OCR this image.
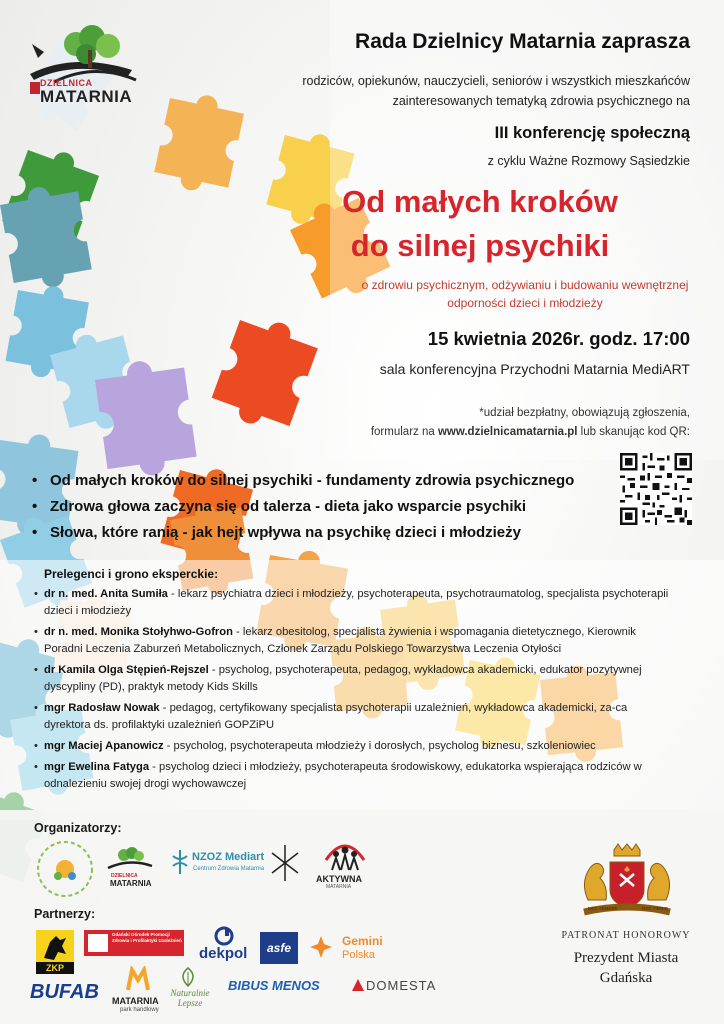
DZIELNICA
MATARNIA
Rada Dzielnicy Matarnia zaprasza
rodziców, opiekunów, nauczycieli, seniorów i wszystkich mieszkańców zainteresowanych tematyką zdrowia psychicznego na
III konferencję społeczną
z cyklu Ważne Rozmowy Sąsiedzkie
Od małych kroków
do silnej psychiki
o zdrowiu psychicznym, odżywianiu i budowaniu wewnętrznej odporności dzieci i młodzieży
15 kwietnia 2026r. godz. 17:00
sala konferencyjna Przychodni Matarnia MediART
*udział bezpłatny, obowiązują zgłoszenia,
formularz na www.dzielnicamatarnia.pl lub skanując kod QR:
• Od małych kroków do silnej psychiki - fundamenty zdrowia psychicznego
• Zdrowa głowa zaczyna się od talerza - dieta jako wsparcie psychiki
• Słowa, które ranią - jak hejt wpływa na psychikę dzieci i młodzieży
Prelegenci i grono eksperckie:
• dr n. med. Anita Sumiła - lekarz psychiatra dzieci i młodzieży, psychoterapeuta, psychotraumatolog, specjalista psychoterapii dzieci i młodzieży
• dr n. med. Monika Stołyhwo-Gofron - lekarz obesitolog, specjalista żywienia i wspomagania dietetycznego, Kierownik Poradni Leczenia Zaburzeń Metabolicznych, Członek Zarządu Polskiego Towarzystwa Leczenia Otyłości
• dr Kamila Olga Stępień-Rejszel - psycholog, psychoterapeuta, pedagog, wykładowca akademicki, edukator pozytywnej dyscypliny (PD), praktyk metody Kids Skills
• mgr Radosław Nowak - pedagog, certyfikowany specjalista psychoterapii uzależnień, wykładowca akademicki, za-ca dyrektora ds. profilaktyki uzależnień GOPZiPU
• mgr Maciej Apanowicz - psycholog, psychoterapeuta młodzieży i dorosłych, psycholog biznesu, szkoleniowiec
• mgr Ewelina Fatyga - psycholog dzieci i młodzieży, psychoterapeuta środowiskowy, edukatorka wspierająca rodziców w odnalezieniu swojej drogi wychowawczej
Organizatorzy:
DZIELNICA
MATARNIA
NZOZ Mediart
Centrum Zdrowia Matarnia
AKTYWNA
MATARNIA
Partnerzy:
ZKP
Gdański Ośrodek Promocji Zdrowia i Profilaktyki Uzależnień
dekpol	asfe	Gemini
Polska
BUFAB MATARNIA
park handlowy
Naturalnie Lepsze
BIBUS MENOS	DOMESTA
NEC TEMERE	NEC TIMIDE
PATRONAT HONOROWY
Prezydent Miasta Gdańska
